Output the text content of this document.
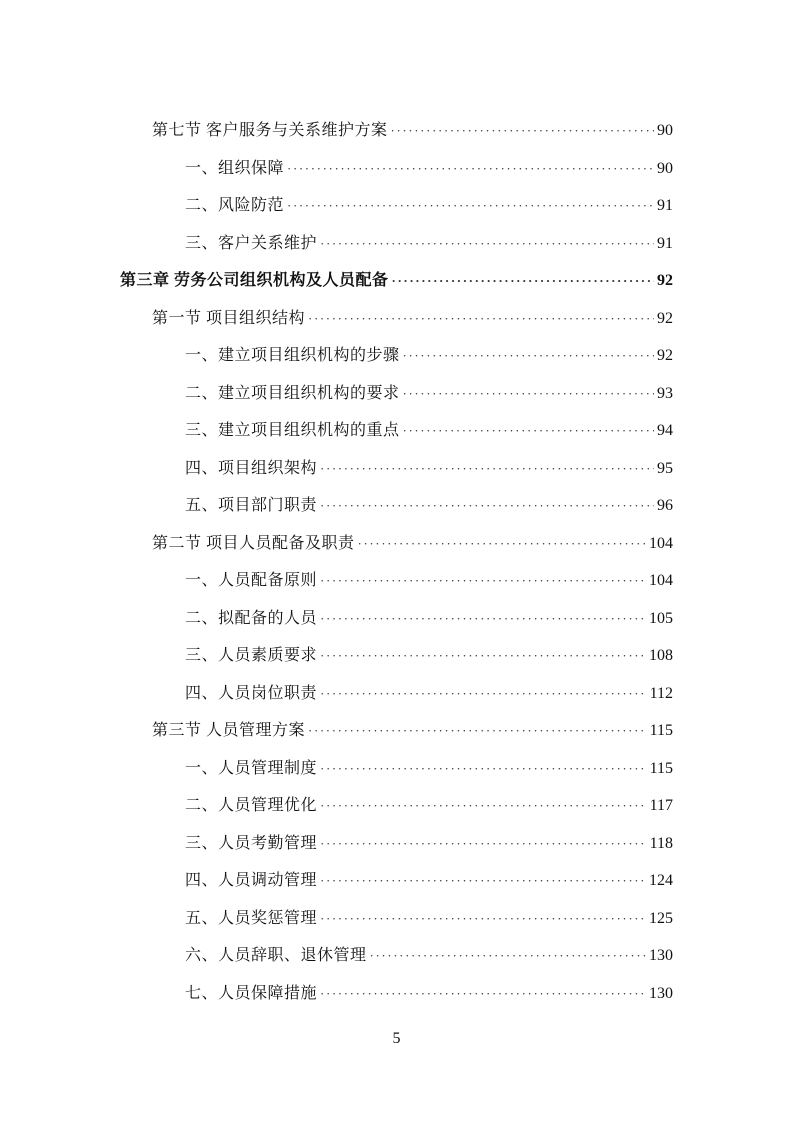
第七节 客户服务与关系维护方案 ·····	90
一、组织保障 ·····	90
二、风险防范 ·····	91
三、客户关系维护 ·····	91
第三章 劳务公司组织机构及人员配备 ·····	92
第一节 项目组织结构 ·····	92
一、建立项目组织机构的步骤 ·····	92
二、建立项目组织机构的要求 ·····	93
三、建立项目组织机构的重点 ·····	94
四、项目组织架构 ·····	95
五、项目部门职责 ·····	96
第二节 项目人员配备及职责 ·····	104
一、人员配备原则 ·····	104
二、拟配备的人员 ·····	105
三、人员素质要求 ·····	108
四、人员岗位职责 ·····	112
第三节 人员管理方案 ·····	115
一、人员管理制度 ·····	115
二、人员管理优化 ·····	117
三、人员考勤管理 ·····	118
四、人员调动管理 ·····	124
五、人员奖惩管理 ·····	125
六、人员辞职、退休管理 ·····	130
七、人员保障措施 ·····	130
5
